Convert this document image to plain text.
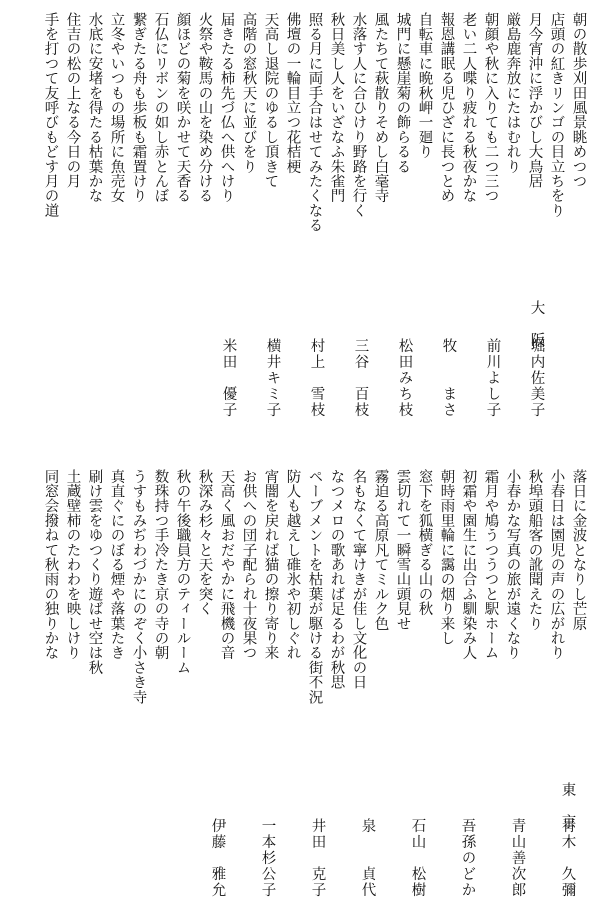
朝の散歩刈田風景眺めつつ
店頭の紅きリンゴの目立ちをり
月今宵沖に浮かびし大鳥居
厳島鹿奔放にたはむれり
朝顔や秋に入りても二つ三つ
老い二人喋り疲れる秋夜かな
報恩講眠る児ひざに長つとめ
自転車に晩秋岬一廻り
城門に懸崖菊の飾らるる
風たちて萩散りそめし白毫寺
水落す人に合ひけり野路を行く
秋日美し人をいざなふ朱雀門
照る月に両手合はせてみたくなる
佛壇の一輪目立つ花桔梗
天高し退院のゆるし頂きて
高階の窓秋天に並びをり
届きたる柿先づ仏へ供へけり
火祭や鞍馬の山を染め分ける
顔ほどの菊を咲かせて天香る
石仏にリボンの如し赤とんぼ
繋ぎたる舟も歩板も霜置けり
立冬やいつもの場所に魚売女
水底に安堵を得たる枯葉かな
住吉の松の上なる今日の月
手を打つて友呼びもどす月の道
大　阪
堀内佐美子
前川よし子
牧　　まさ
松田みち枝
三谷　百枝
村上　雪枝
横井キミ子
米田　優子
落日に金波となりし芒原
小春日は園児の声の広がれり
秋埠頭船客の訛聞えたり
小春かな写真の旅が遠くなり
霜月や鳩うつうつと駅ホーム
初霜や園生に出合ふ馴染み人
朝時雨里輪に靄の烟り来し
窓下を狐横ぎる山の秋
雲切れて一瞬雪山頭見せ
霧迫る高原凡てミルク色
名もなくて寧けきが佳し文化の日
なつメロの歌あれば足るわが秋思
ペーブメントを枯葉が駆ける街不況
防人も越えし碓氷や初しぐれ
宵闇を戻れば猫の擦り寄り来
お供への団子配られ十夜果つ
天高く風おだやかに飛機の音
秋深み杉々と天を突く
秋の午後職員方のティールーム
数珠持つ手冷たき京の寺の朝
うすもみぢわづかにのぞく小さき寺
真直ぐにのぼる煙や落葉たき
刷け雲をゆつくり遊ばせ空は秋
土蔵壁柿のたわわを映しけり
同窓会撥ねて秋雨の独りかな
東　京
青木　久彌
青山善次郎
吾孫のどか
石山　松樹
泉　　貞代
井田　克子
一本杉公子
伊藤　雅允
